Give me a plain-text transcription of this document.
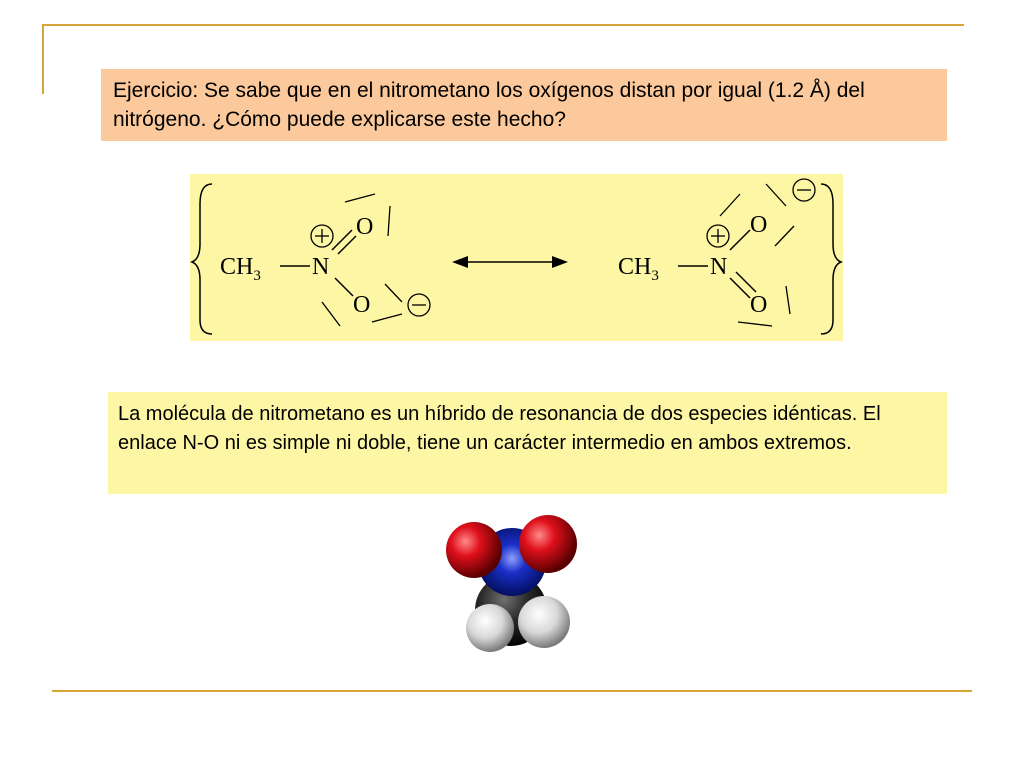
Ejercicio: Se sabe que en el nitrometano los oxígenos distan por igual (1.2 Å) del nitrógeno. ¿Cómo puede explicarse este hecho?
$CH_3$ N
O
O
$CH_3$ N
O
O
La molécula de nitrometano es un híbrido de resonancia de dos especies idénticas. El enlace N-O ni es simple ni doble, tiene un carácter intermedio en ambos extremos.
